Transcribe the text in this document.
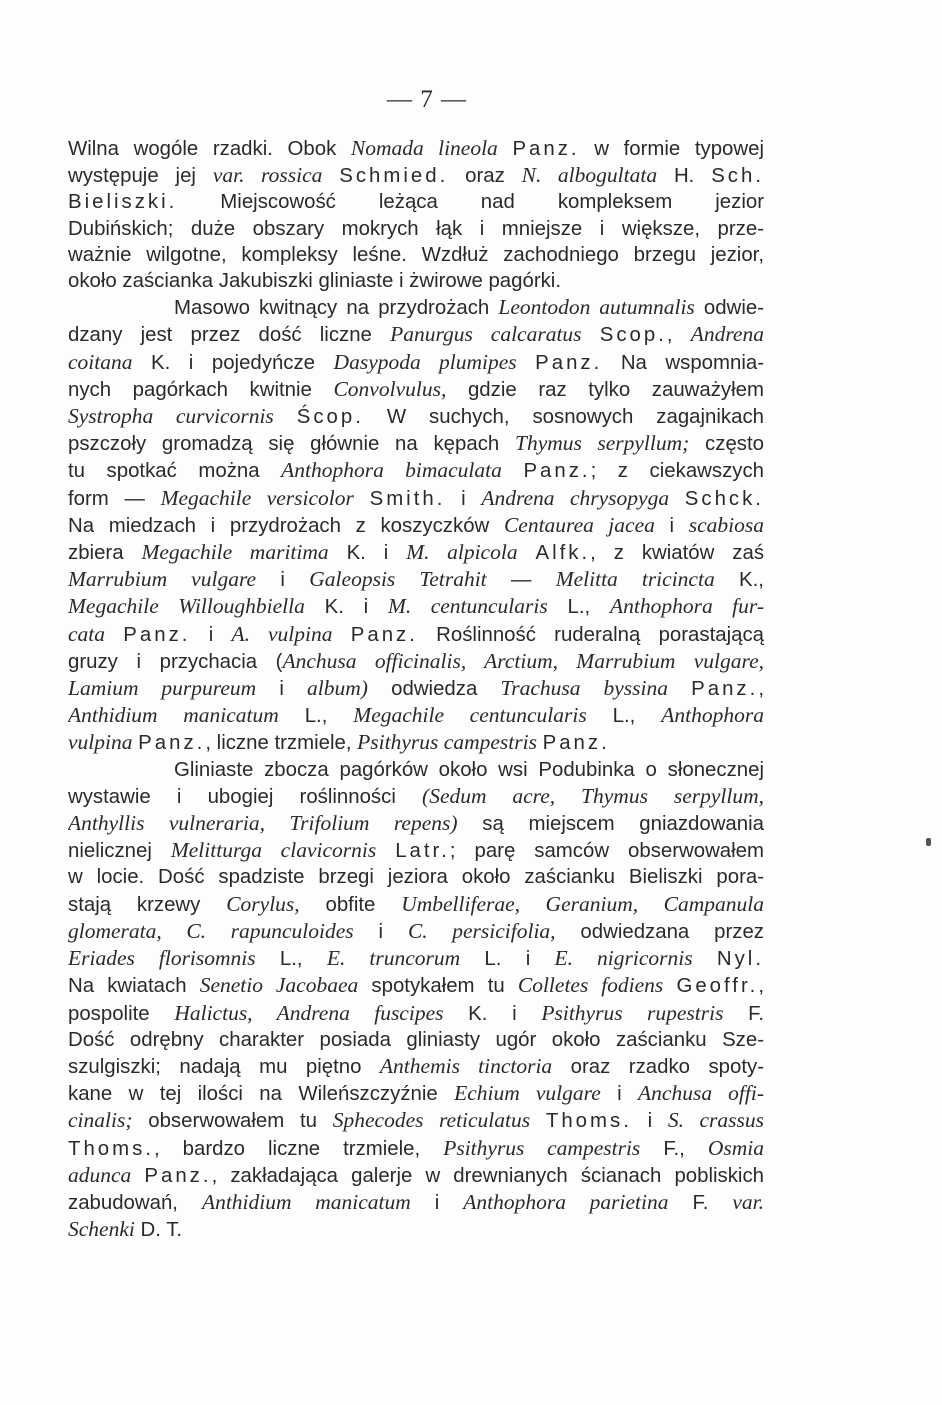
— 7 —
Wilna wogóle rzadki. Obok Nomada lineola Panz. w formie typowej
występuje jej var. rossica Schmied. oraz N. albogultata H. Sch.
Bieliszki. Miejscowość leżąca nad kompleksem jezior
Dubińskich; duże obszary mokrych łąk i mniejsze i większe, prze-
ważnie wilgotne, kompleksy leśne. Wzdłuż zachodniego brzegu jezior,
około zaścianka Jakubiszki gliniaste i żwirowe pagórki.
Masowo kwitnący na przydrożach Leontodon autumnalis odwie-
dzany jest przez dość liczne Panurgus calcaratus Scop., Andrena
coitana K. i pojedyńcze Dasypoda plumipes Panz. Na wspomnia-
nych pagórkach kwitnie Convolvulus, gdzie raz tylko zauważyłem
Systropha curvicornis Ścop. W suchych, sosnowych zagajnikach
pszczoły gromadzą się głównie na kępach Thymus serpyllum; często
tu spotkać można Anthophora bimaculata Panz.; z ciekawszych
form — Megachile versicolor Smith. i Andrena chrysopyga Schck.
Na miedzach i przydrożach z koszyczków Centaurea jacea i scabiosa
zbiera Megachile maritima K. i M. alpicola Alfk., z kwiatów zaś
Marrubium vulgare i Galeopsis Tetrahit — Melitta tricincta K.,
Megachile Willoughbiella K. i M. centuncularis L., Anthophora fur-
cata Panz. i A. vulpina Panz. Roślinność ruderalną porastającą
gruzy i przychacia (Anchusa officinalis, Arctium, Marrubium vulgare,
Lamium purpureum i album) odwiedza Trachusa byssina Panz.,
Anthidium manicatum L., Megachile centuncularis L., Anthophora
vulpina Panz., liczne trzmiele, Psithyrus campestris Panz.
Gliniaste zbocza pagórków około wsi Podubinka o słonecznej
wystawie i ubogiej roślinności (Sedum acre, Thymus serpyllum,
Anthyllis vulneraria, Trifolium repens) są miejscem gniazdowania
nielicznej Melitturga clavicornis Latr.; parę samców obserwowałem
w locie. Dość spadziste brzegi jeziora około zaścianku Bieliszki pora-
stają krzewy Corylus, obfite Umbelliferae, Geranium, Campanula
glomerata, C. rapunculoides i C. persicifolia, odwiedzana przez
Eriades florisomnis L., E. truncorum L. i E. nigricornis Nyl.
Na kwiatach Senetio Jacobaea spotykałem tu Colletes fodiens Geoffr.,
pospolite Halictus, Andrena fuscipes K. i Psithyrus rupestris F.
Dość odrębny charakter posiada gliniasty ugór około zaścianku Sze-
szulgiszki; nadają mu piętno Anthemis tinctoria oraz rzadko spoty-
kane w tej ilości na Wileńszczyźnie Echium vulgare i Anchusa offi-
cinalis; obserwowałem tu Sphecodes reticulatus Thoms. i S. crassus
Thoms., bardzo liczne trzmiele, Psithyrus campestris F., Osmia
adunca Panz., zakładająca galerje w drewnianych ścianach pobliskich
zabudowań, Anthidium manicatum i Anthophora parietina F. var.
Schenki D. T.
